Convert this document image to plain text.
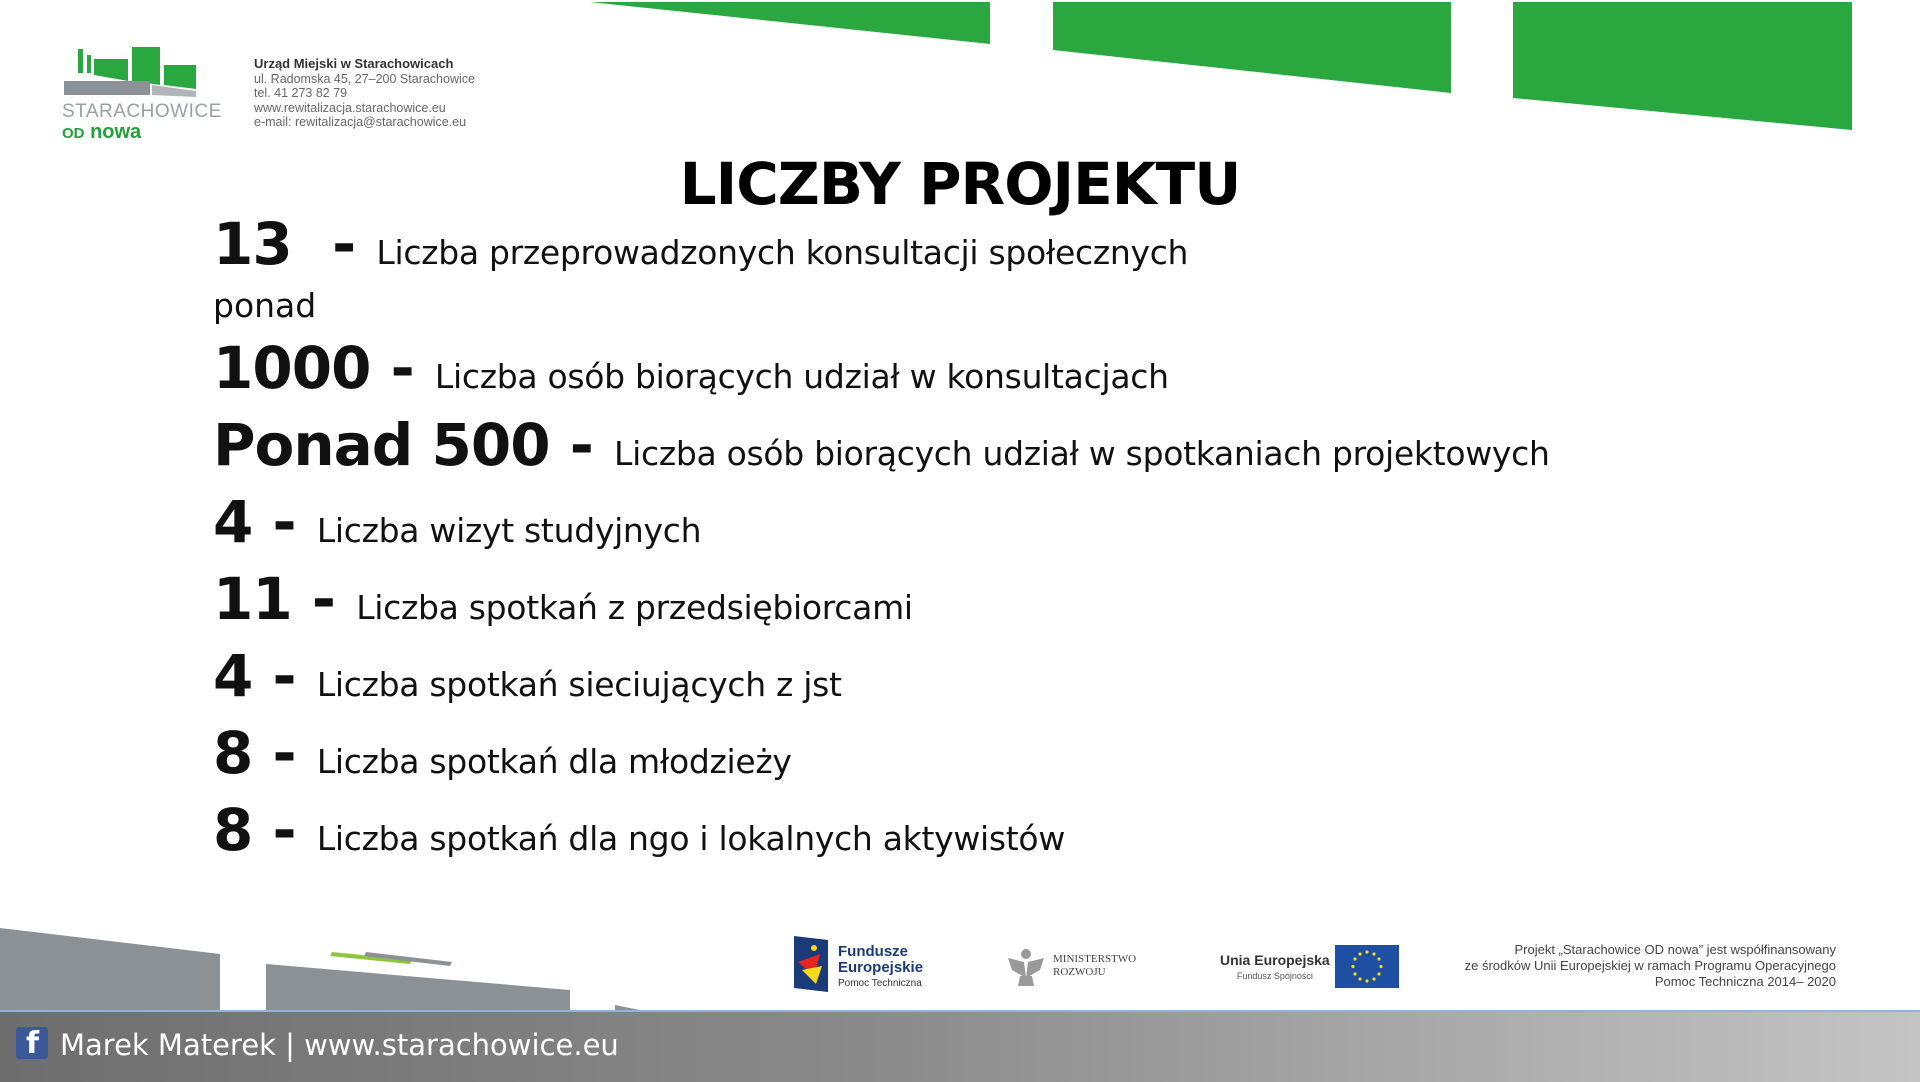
STARACHOWICE
OD nowa
Urząd Miejski w Starachowicach
ul. Radomska 45, 27–200 Starachowice
tel. 41 273 82 79
www.rewitalizacja.starachowice.eu
e-mail: rewitalizacja@starachowice.eu
LICZBY PROJEKTU
13  - Liczba przeprowadzonych konsultacji społecznych
ponad
1000 - Liczba osób biorących udział w konsultacjach
Ponad 500 - Liczba osób biorących udział w spotkaniach projektowych
4 - Liczba wizyt studyjnych
11 - Liczba spotkań z przedsiębiorcami
4 - Liczba spotkań sieciujących z jst
8 - Liczba spotkań dla młodzieży
8 - Liczba spotkań dla ngo i lokalnych aktywistów
Fundusze
Europejskie
Pomoc Techniczna
MINISTERSTWO
ROZWOJU
Unia Europejska
Fundusz Spójności
Projekt „Starachowice OD nowa” jest współfinansowany
ze środków Unii Europejskiej w ramach Programu Operacyjnego
Pomoc Techniczna 2014– 2020
f Marek Materek | www.starachowice.eu
